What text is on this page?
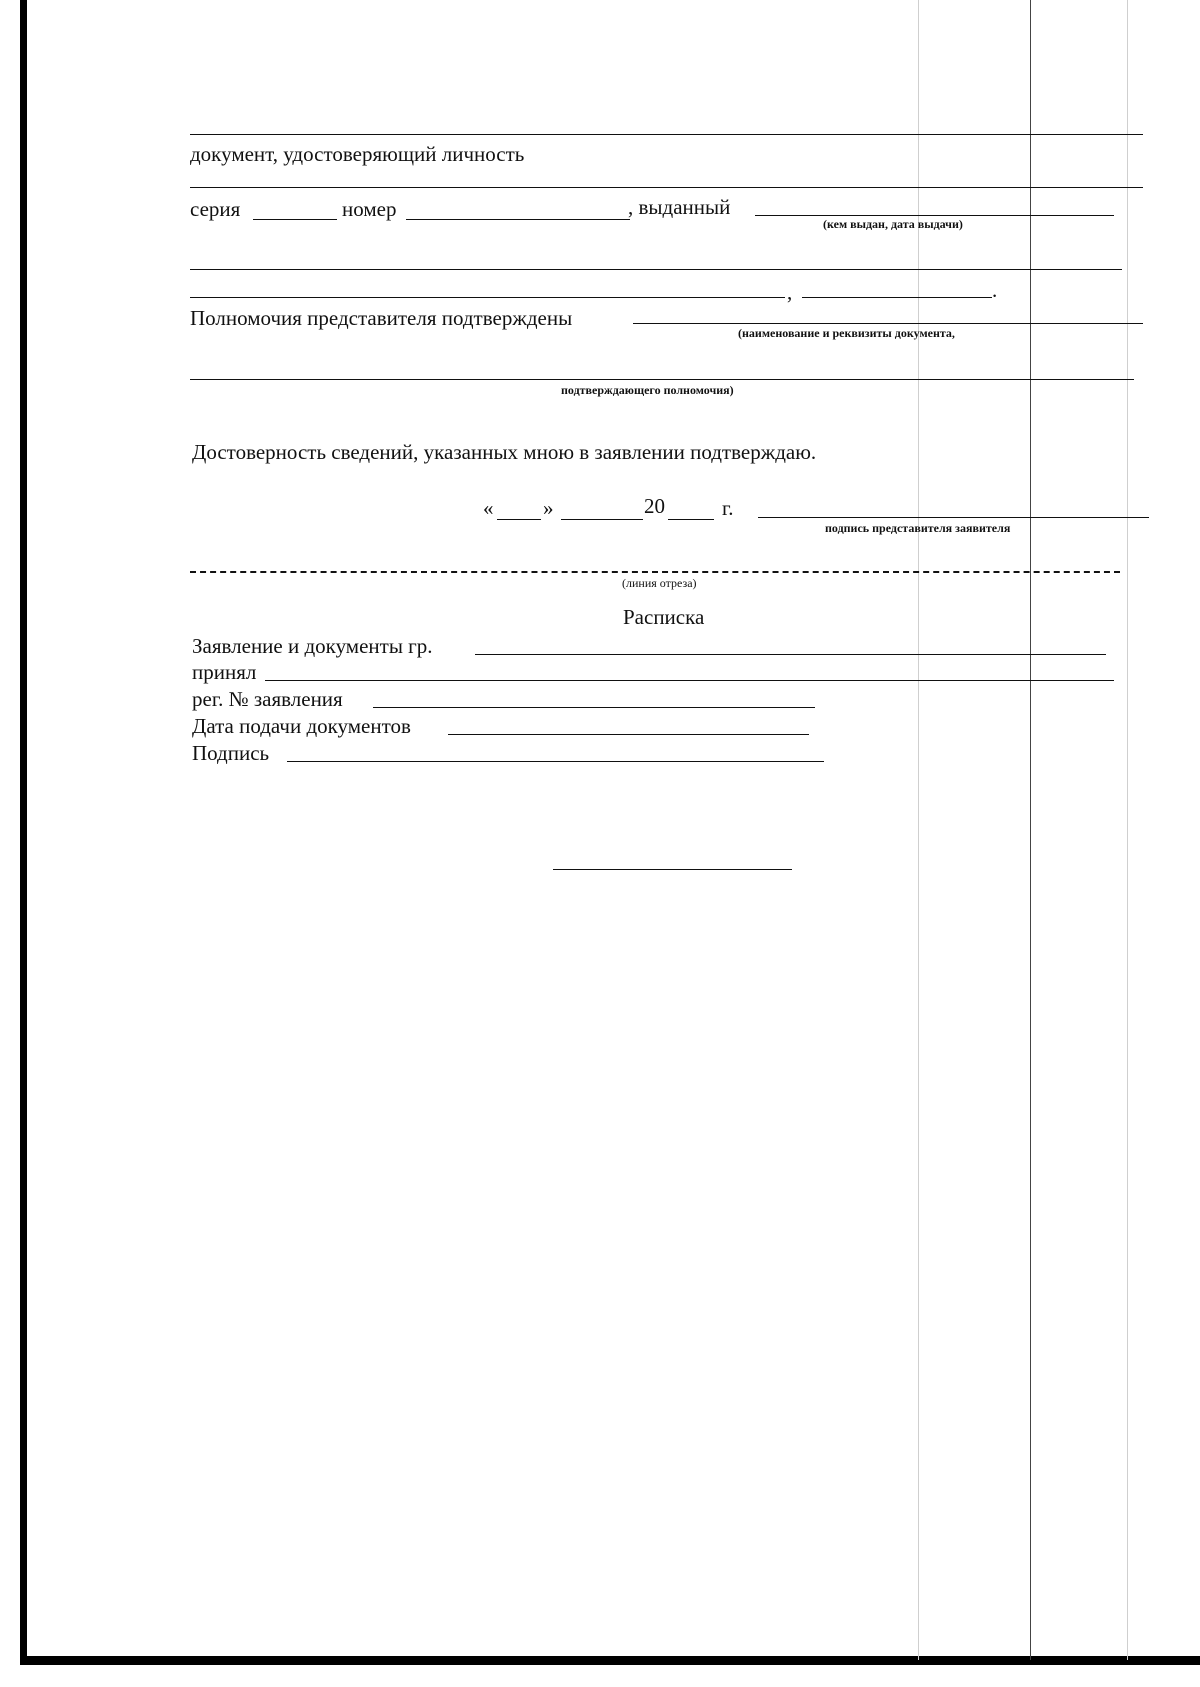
документ, удостоверяющий личность
серия	номер	, выданный
(кем выдан, дата выдачи)
,	.
Полномочия представителя подтверждены
(наименование и реквизиты документа,
подтверждающего полномочия)
Достоверность сведений, указанных мною в заявлении подтверждаю.
« »	20	г.
подпись представителя заявителя
(линия отреза)
Расписка
Заявление и документы гр.
принял
рег. № заявления
Дата подачи документов
Подпись
